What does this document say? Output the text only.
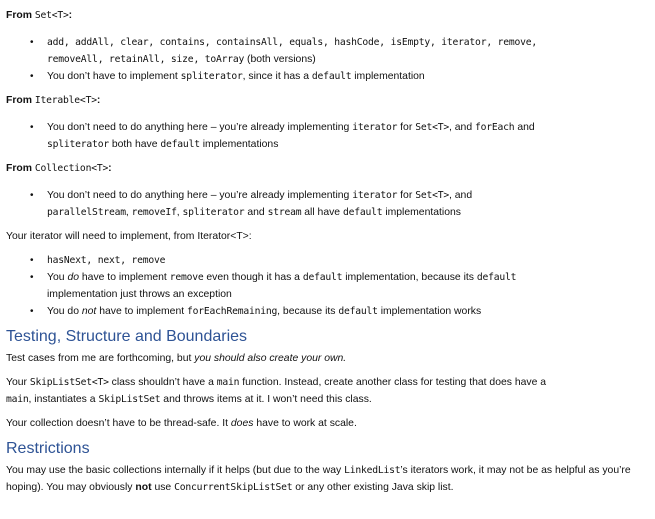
From Set<T>:

• add, addAll, clear, contains, containsAll, equals, hashCode, isEmpty, iterator, remove,
removeAll, retainAll, size, toArray (both versions)
• You don’t have to implement spliterator, since it has a default implementation

From Iterable<T>:

• You don’t need to do anything here – you’re already implementing iterator for Set<T>, and forEach and
spliterator both have default implementations

From Collection<T>:

• You don’t need to do anything here – you’re already implementing iterator for Set<T>, and
parallelStream, removeIf, spliterator and stream all have default implementations

Your iterator will need to implement, from Iterator<T>:

• hasNext, next, remove
• You do have to implement remove even though it has a default implementation, because its default
implementation just throws an exception
• You do not have to implement forEachRemaining, because its default implementation works

Testing, Structure and Boundaries

Test cases from me are forthcoming, but you should also create your own.

Your SkipListSet<T> class shouldn’t have a main function. Instead, create another class for testing that does have a
main, instantiates a SkipListSet and throws items at it. I won’t need this class.

Your collection doesn’t have to be thread-safe. It does have to work at scale.

Restrictions

You may use the basic collections internally if it helps (but due to the way LinkedList’s iterators work, it may not be as helpful as you’re hoping). You may obviously not use ConcurrentSkipListSet or any other existing Java skip list.
